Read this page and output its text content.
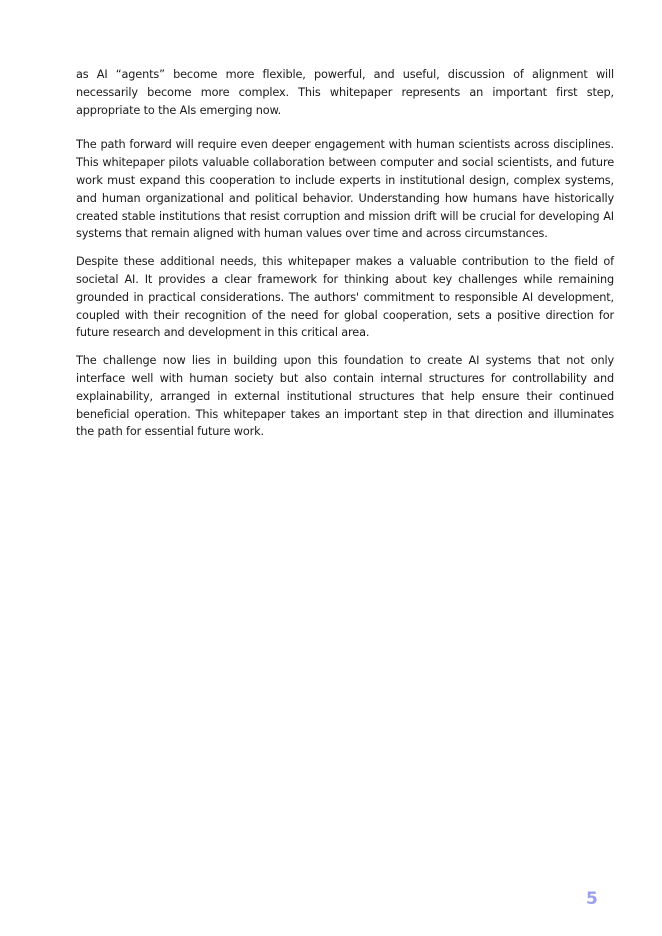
as AI “agents” become more flexible, powerful, and useful, discussion of alignment will necessarily become more complex. This whitepaper represents an important first step, appropriate to the AIs emerging now.

The path forward will require even deeper engagement with human scientists across disciplines. This whitepaper pilots valuable collaboration between computer and social scientists, and future work must expand this cooperation to include experts in institutional design, complex systems, and human organizational and political behavior. Understanding how humans have historically created stable institutions that resist corruption and mission drift will be crucial for developing AI systems that remain aligned with human values over time and across circumstances.

Despite these additional needs, this whitepaper makes a valuable contribution to the field of societal AI. It provides a clear framework for thinking about key challenges while remaining grounded in practical considerations. The authors' commitment to responsible AI development, coupled with their recognition of the need for global cooperation, sets a positive direction for future research and development in this critical area.

The challenge now lies in building upon this foundation to create AI systems that not only interface well with human society but also contain internal structures for controllability and explainability, arranged in external institutional structures that help ensure their continued beneficial operation. This whitepaper takes an important step in that direction and illuminates the path for essential future work.

5
